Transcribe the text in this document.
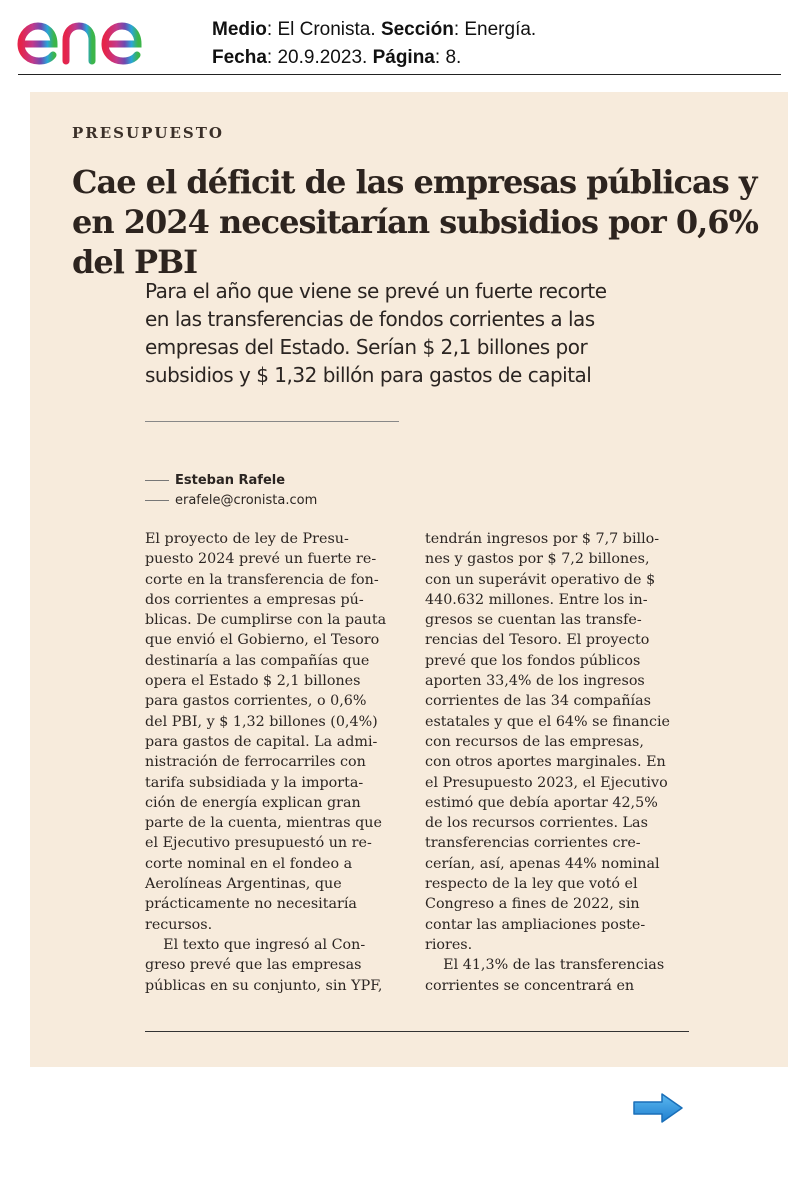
Medio: El Cronista. Sección: Energía.
Fecha: 20.9.2023. Página: 8.
PRESUPUESTO
Cae el déficit de las empresas públicas y en 2024 necesitarían subsidios por 0,6% del PBI
Para el año que viene se prevé un fuerte recorte en las transferencias de fondos corrientes a las empresas del Estado. Serían $ 2,1 billones por subsidios y $ 1,32 billón para gastos de capital
Esteban Rafele
erafele@cronista.com

El proyecto de ley de Presu-
puesto 2024 prevé un fuerte re-
corte en la transferencia de fon-
dos corrientes a empresas pú-
blicas. De cumplirse con la pauta
que envió el Gobierno, el Tesoro
destinaría a las compañías que
opera el Estado $ 2,1 billones
para gastos corrientes, o 0,6%
del PBI, y $ 1,32 billones (0,4%)
para gastos de capital. La admi-
nistración de ferrocarriles con
tarifa subsidiada y la importa-
ción de energía explican gran
parte de la cuenta, mientras que
el Ejecutivo presupuestó un re-
corte nominal en el fondeo a
Aerolíneas Argentinas, que
prácticamente no necesitaría
recursos.
El texto que ingresó al Con-
greso prevé que las empresas
públicas en su conjunto, sin YPF,

tendrán ingresos por $ 7,7 billo-
nes y gastos por $ 7,2 billones,
con un superávit operativo de $
440.632 millones. Entre los in-
gresos se cuentan las transfe-
rencias del Tesoro. El proyecto
prevé que los fondos públicos
aporten 33,4% de los ingresos
corrientes de las 34 compañías
estatales y que el 64% se financie
con recursos de las empresas,
con otros aportes marginales. En
el Presupuesto 2023, el Ejecutivo
estimó que debía aportar 42,5%
de los recursos corrientes. Las
transferencias corrientes cre-
cerían, así, apenas 44% nominal
respecto de la ley que votó el
Congreso a fines de 2022, sin
contar las ampliaciones poste-
riores.
El 41,3% de las transferencias
corrientes se concentrará en
